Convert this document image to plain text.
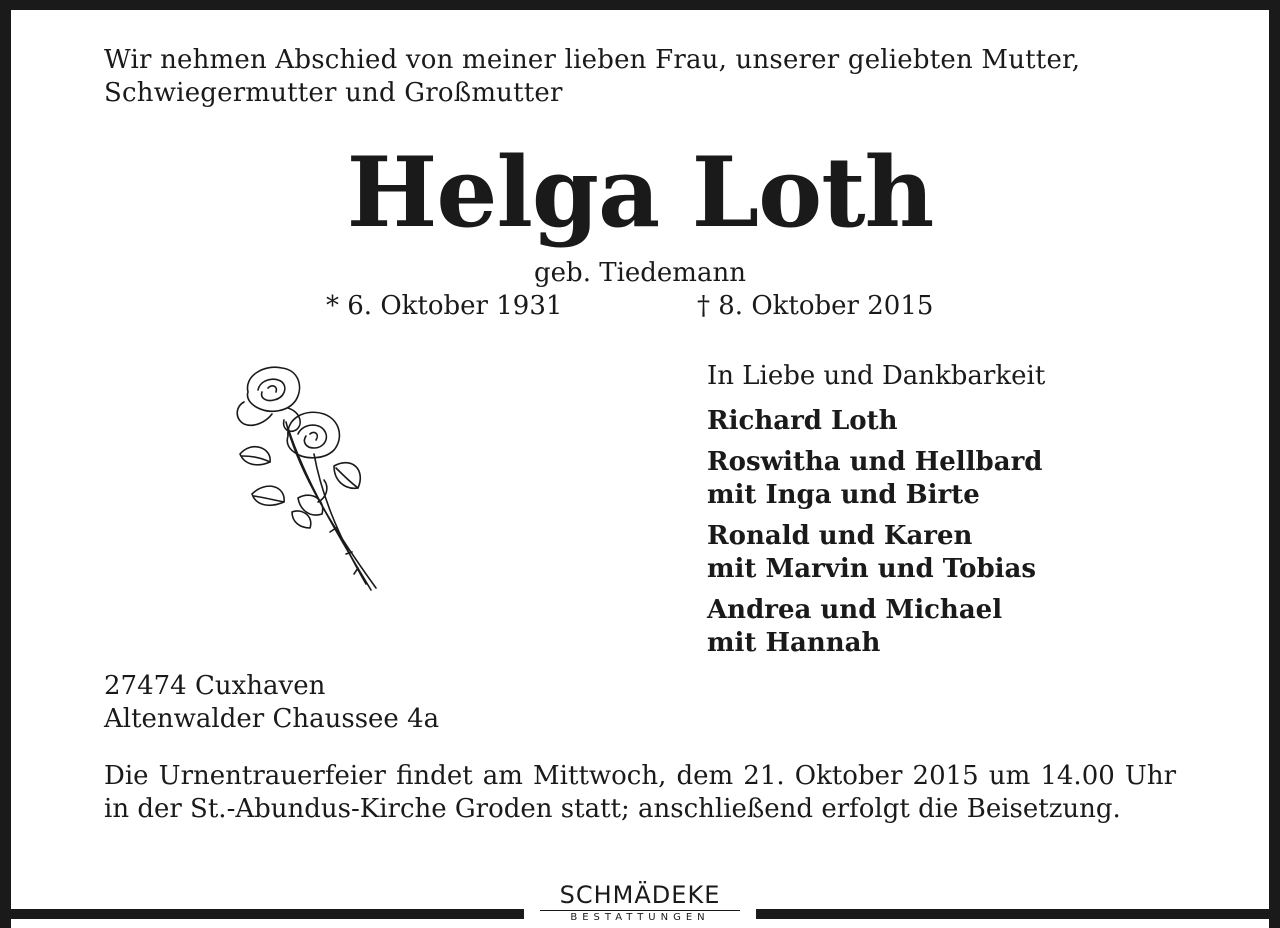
Wir nehmen Abschied von meiner lieben Frau, unserer geliebten Mutter,
Schwiegermutter und Großmutter
Helga Loth
geb. Tiedemann
* 6. Oktober 1931	† 8. Oktober 2015
In Liebe und Dankbarkeit
Richard Loth
Roswitha und Hellbard
mit Inga und Birte
Ronald und Karen
mit Marvin und Tobias
Andrea und Michael
mit Hannah
27474 Cuxhaven
Altenwalder Chaussee 4a
Die Urnentrauerfeier findet am Mittwoch, dem 21. Oktober 2015 um 14.00 Uhr in der St.-Abundus-Kirche Groden statt; anschließend erfolgt die Beisetzung.
SCHMÄDEKE
BESTATTUNGEN
